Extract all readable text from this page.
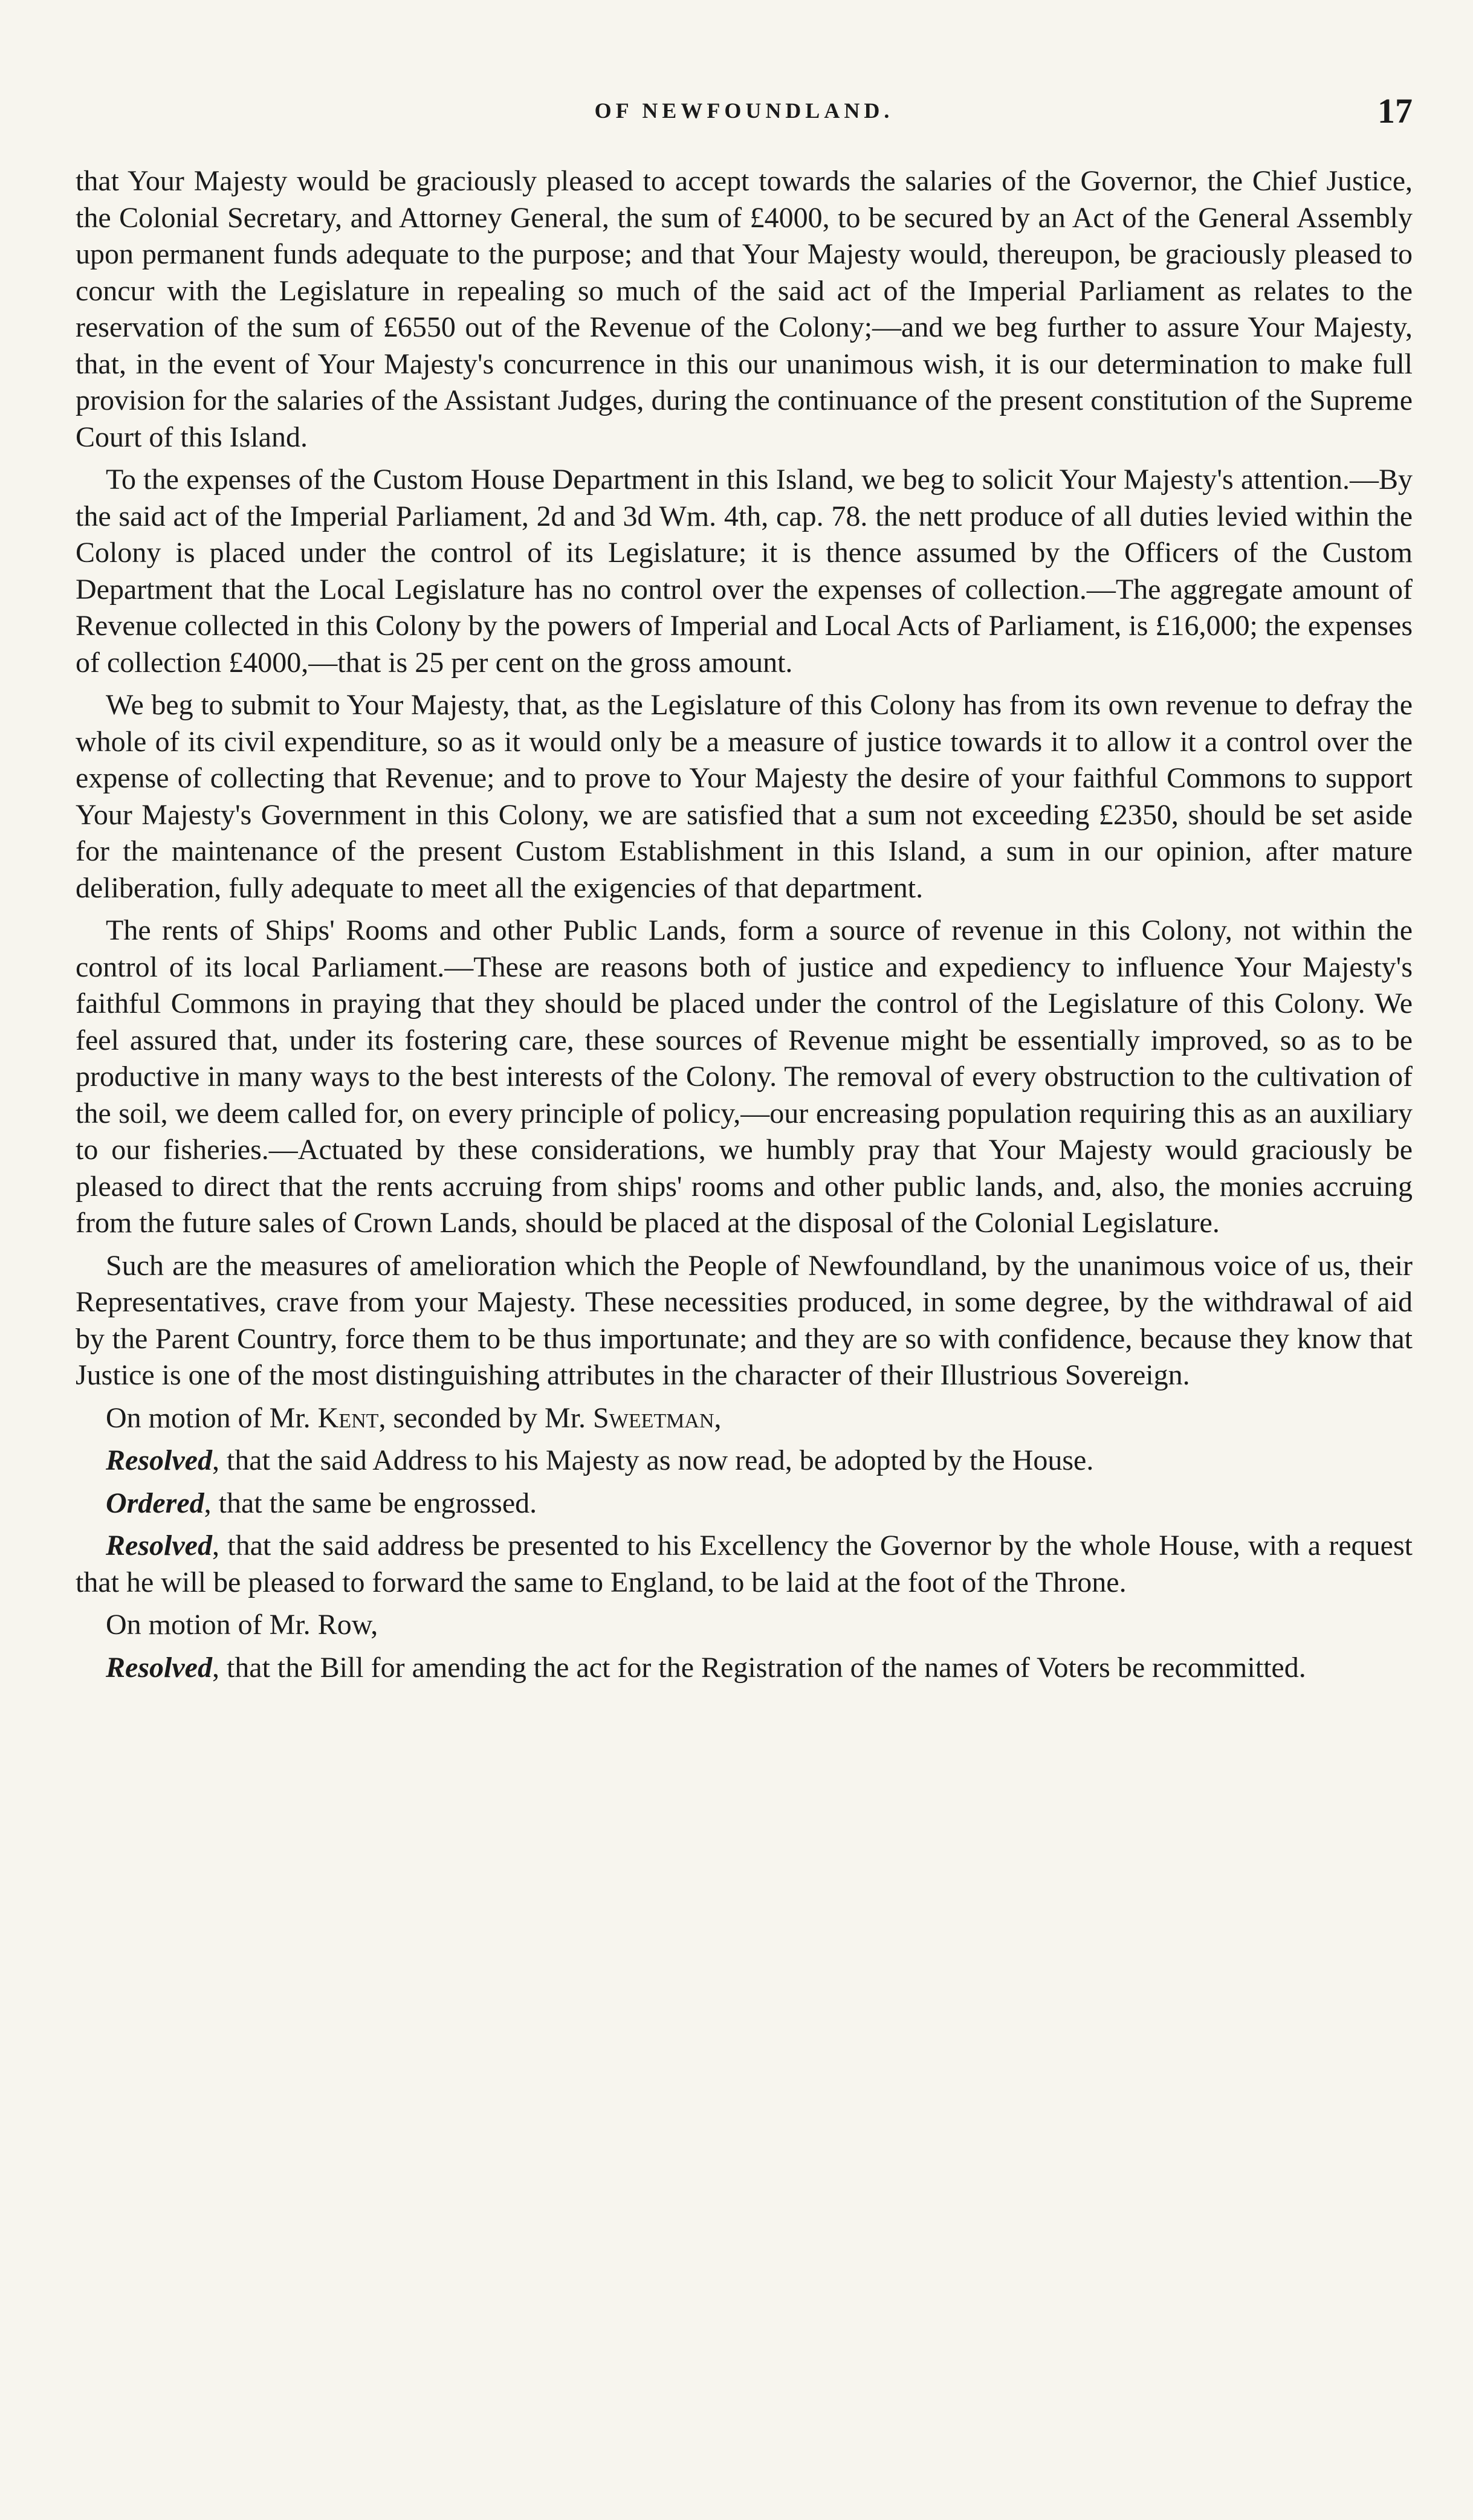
OF NEWFOUNDLAND.	17

that Your Majesty would be graciously pleased to accept towards the salaries of the Governor, the Chief Justice, the Colonial Secretary, and Attorney General, the sum of £4000, to be secured by an Act of the General Assembly upon permanent funds adequate to the purpose; and that Your Majesty would, thereupon, be graciously pleased to concur with the Legislature in repealing so much of the said act of the Imperial Parliament as relates to the reservation of the sum of £6550 out of the Revenue of the Colony;—and we beg further to assure Your Majesty, that, in the event of Your Majesty's concurrence in this our unanimous wish, it is our determination to make full provision for the salaries of the Assistant Judges, during the continuance of the present constitution of the Supreme Court of this Island.

To the expenses of the Custom House Department in this Island, we beg to solicit Your Majesty's attention.—By the said act of the Imperial Parliament, 2d and 3d Wm. 4th, cap. 78. the nett produce of all duties levied within the Colony is placed under the control of its Legislature; it is thence assumed by the Officers of the Custom Department that the Local Legislature has no control over the expenses of collection.—The aggregate amount of Revenue collected in this Colony by the powers of Imperial and Local Acts of Parliament, is £16,000; the expenses of collection £4000,—that is 25 per cent on the gross amount.

We beg to submit to Your Majesty, that, as the Legislature of this Colony has from its own revenue to defray the whole of its civil expenditure, so as it would only be a measure of justice towards it to allow it a control over the expense of collecting that Revenue; and to prove to Your Majesty the desire of your faithful Commons to support Your Majesty's Government in this Colony, we are satisfied that a sum not exceeding £2350, should be set aside for the maintenance of the present Custom Establishment in this Island, a sum in our opinion, after mature deliberation, fully adequate to meet all the exigencies of that department.

The rents of Ships' Rooms and other Public Lands, form a source of revenue in this Colony, not within the control of its local Parliament.—These are reasons both of justice and expediency to influence Your Majesty's faithful Commons in praying that they should be placed under the control of the Legislature of this Colony. We feel assured that, under its fostering care, these sources of Revenue might be essentially improved, so as to be productive in many ways to the best interests of the Colony. The removal of every obstruction to the cultivation of the soil, we deem called for, on every principle of policy,—our encreasing population requiring this as an auxiliary to our fisheries.—Actuated by these considerations, we humbly pray that Your Majesty would graciously be pleased to direct that the rents accruing from ships' rooms and other public lands, and, also, the monies accruing from the future sales of Crown Lands, should be placed at the disposal of the Colonial Legislature.

Such are the measures of amelioration which the People of Newfoundland, by the unanimous voice of us, their Representatives, crave from your Majesty. These necessities produced, in some degree, by the withdrawal of aid by the Parent Country, force them to be thus importunate; and they are so with confidence, because they know that Justice is one of the most distinguishing attributes in the character of their Illustrious Sovereign.

On motion of Mr. Kent, seconded by Mr. Sweetman,

Resolved, that the said Address to his Majesty as now read, be adopted by the House.

Ordered, that the same be engrossed.

Resolved, that the said address be presented to his Excellency the Governor by the whole House, with a request that he will be pleased to forward the same to England, to be laid at the foot of the Throne.

On motion of Mr. Row,

Resolved, that the Bill for amending the act for the Registration of the names of Voters be recommitted.
